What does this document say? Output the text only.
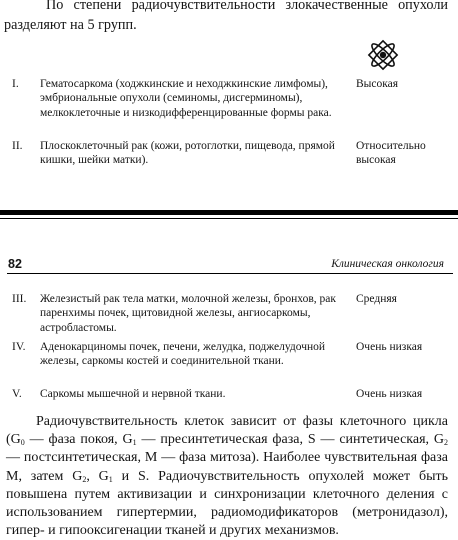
По степени радиочувствительности злокачественные опухоли разделяют на 5 групп.
I. Гематосаркома (ходжкинские и неходжкинские лимфомы), эмбриональные опухоли (семиномы, дисгерминомы), мелкоклеточные и низкодифференцированные формы рака.
Высокая
II. Плоскоклеточный рак (кожи, ротоглотки, пищевода, прямой кишки, шейки матки).
Относительно высокая
82	Клиническая онкология
III. Железистый рак тела матки, молочной железы, бронхов, рак паренхимы почек, щитовидной железы, ангиосаркомы, астробластомы.
Средняя
IV. Аденокарциномы почек, печени, желудка, поджелудочной железы, саркомы костей и соединительной ткани.
Очень низкая
V. Саркомы мышечной и нервной ткани.	Очень низкая
Радиочувствительность клеток зависит от фазы клеточного цикла ($G_0$ — фаза покоя, $G_1$ — пресинтетическая фаза, S — синтетическая, $G_2$ — постсинтетическая, M — фаза митоза). Наиболее чувствительная фаза M, затем $G_2$, $G_1$ и S. Радиочувствительность опухолей может быть повышена путем активизации и синхронизации клеточного деления с использованием гипертермии, радиомодификаторов (метронидазол), гипер- и гипооксигенации тканей и других механизмов.
